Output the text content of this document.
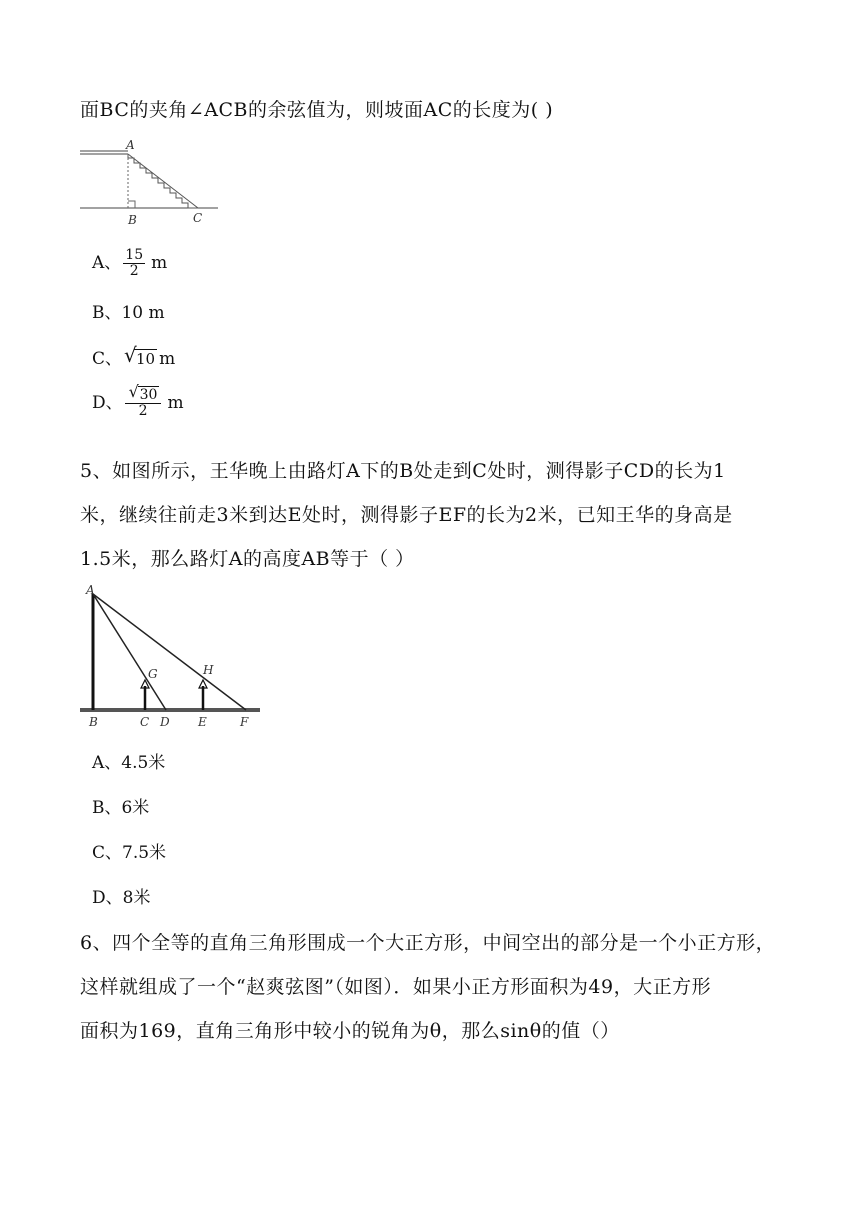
面BC的夹角∠ACB的余弦值为，则坡面AC的长度为( )
A
B	C
A、 $\frac{15}{2}$ m
B、10 m
C、 √ 10 m
D、 $\frac{√ 30}{2}$ m
5、如图所示，王华晚上由路灯A下的B处走到C处时，测得影子CD的长为1
米，继续往前走3米到达E处时，测得影子EF的长为2米，已知王华的身高是
1.5米，那么路灯A的高度AB等于（ ）
A
B	C D E	F
G	H
A、4.5米
B、6米
C、7.5米
D、8米
6、四个全等的直角三角形围成一个大正方形，中间空出的部分是一个小正方形，
这样就组成了一个“赵爽弦图”（如图）．如果小正方形面积为49，大正方形
面积为169，直角三角形中较小的锐角为θ，那么sinθ的值（）
